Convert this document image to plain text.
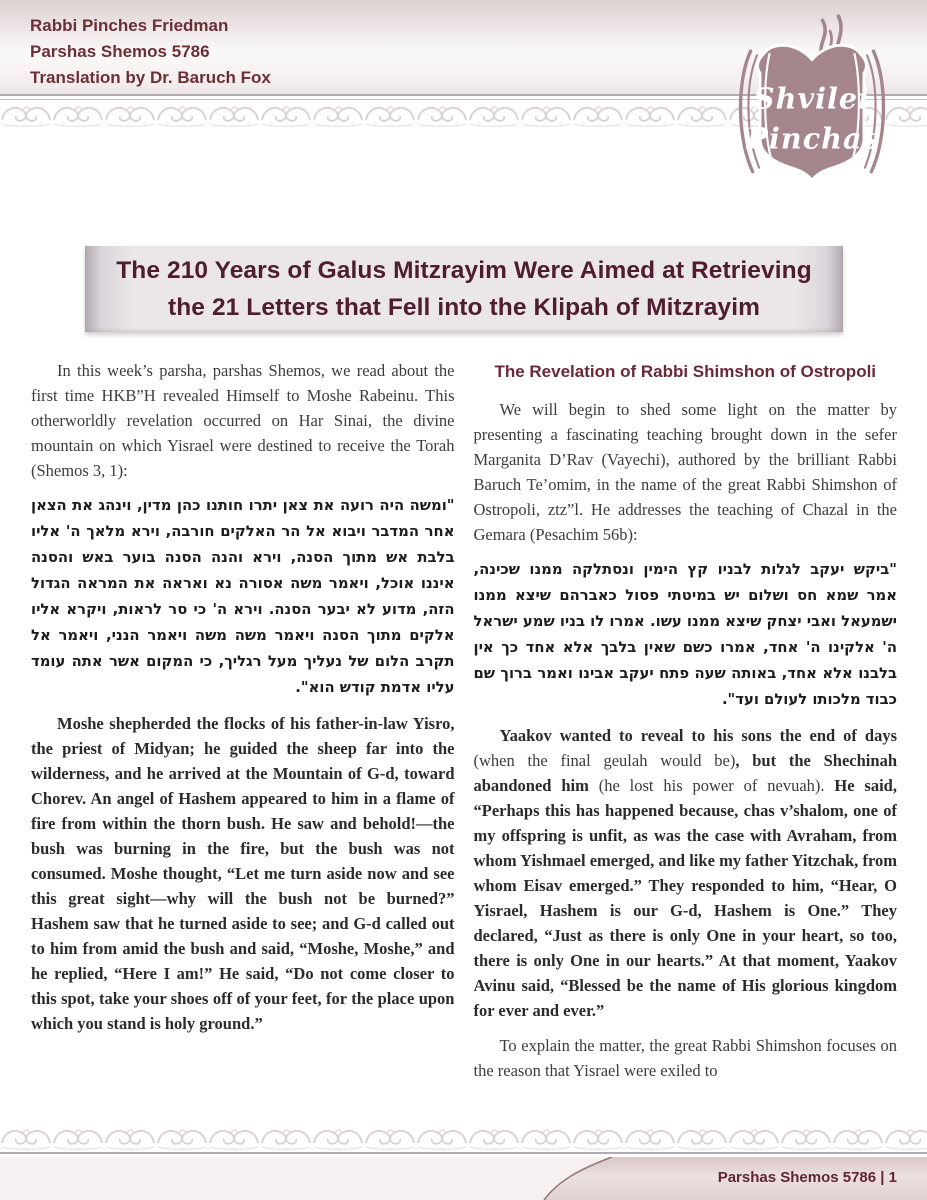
Rabbi Pinches Friedman
Parshas Shemos 5786
Translation by Dr. Baruch Fox
Shvilei
Pinchas
The 210 Years of Galus Mitzrayim Were Aimed at Retrieving
the 21 Letters that Fell into the Klipah of Mitzrayim

In this week’s parsha, parshas Shemos, we read about the first time HKB”H revealed Himself to Moshe Rabeinu. This otherworldly revelation occurred on Har Sinai, the divine mountain on which Yisrael were destined to receive the Torah (Shemos 3, 1):

"ומשה היה רועה את צאן יתרו חותנו כהן מדין, וינהג את הצאן אחר המדבר ויבוא אל הר האלקים חורבה, וירא מלאך ה' אליו בלבת אש מתוך הסנה, וירא והנה הסנה בוער באש והסנה איננו אוכל, ויאמר משה אסורה נא ואראה את המראה הגדול הזה, מדוע לא יבער הסנה. וירא ה' כי סר לראות, ויקרא אליו אלקים מתוך הסנה ויאמר משה משה ויאמר הנני, ויאמר אל תקרב הלום של נעליך מעל רגליך, כי המקום אשר אתה עומד עליו אדמת קודש הוא".

Moshe shepherded the flocks of his father-in-law Yisro, the priest of Midyan; he guided the sheep far into the wilderness, and he arrived at the Mountain of G-d, toward Chorev. An angel of Hashem appeared to him in a flame of fire from within the thorn bush. He saw and behold!—the bush was burning in the fire, but the bush was not consumed. Moshe thought, “Let me turn aside now and see this great sight—why will the bush not be burned?” Hashem saw that he turned aside to see; and G-d called out to him from amid the bush and said, “Moshe, Moshe,” and he replied, “Here I am!” He said, “Do not come closer to this spot, take your shoes off of your feet, for the place upon which you stand is holy ground.”

The Revelation of Rabbi Shimshon of Ostropoli

We will begin to shed some light on the matter by presenting a fascinating teaching brought down in the sefer Marganita D’Rav (Vayechi), authored by the brilliant Rabbi Baruch Te’omim, in the name of the great Rabbi Shimshon of Ostropoli, ztz”l. He addresses the teaching of Chazal in the Gemara (Pesachim 56b):

"ביקש יעקב לגלות לבניו קץ הימין ונסתלקה ממנו שכינה, אמר שמא חס ושלום יש במיטתי פסול כאברהם שיצא ממנו ישמעאל ואבי יצחק שיצא ממנו עשו. אמרו לו בניו שמע ישראל ה' אלקינו ה' אחד, אמרו כשם שאין בלבך אלא אחד כך אין בלבנו אלא אחד, באותה שעה פתח יעקב אבינו ואמר ברוך שם כבוד מלכותו לעולם ועד".

Yaakov wanted to reveal to his sons the end of days (when the final geulah would be), but the Shechinah abandoned him (he lost his power of nevuah). He said, “Perhaps this has happened because, chas v’shalom, one of my offspring is unfit, as was the case with Avraham, from whom Yishmael emerged, and like my father Yitzchak, from whom Eisav emerged.” They responded to him, “Hear, O Yisrael, Hashem is our G-d, Hashem is One.” They declared, “Just as there is only One in your heart, so too, there is only One in our hearts.” At that moment, Yaakov Avinu said, “Blessed be the name of His glorious kingdom for ever and ever.”

To explain the matter, the great Rabbi Shimshon focuses on the reason that Yisrael were exiled to

Parshas Shemos 5786 | 1
